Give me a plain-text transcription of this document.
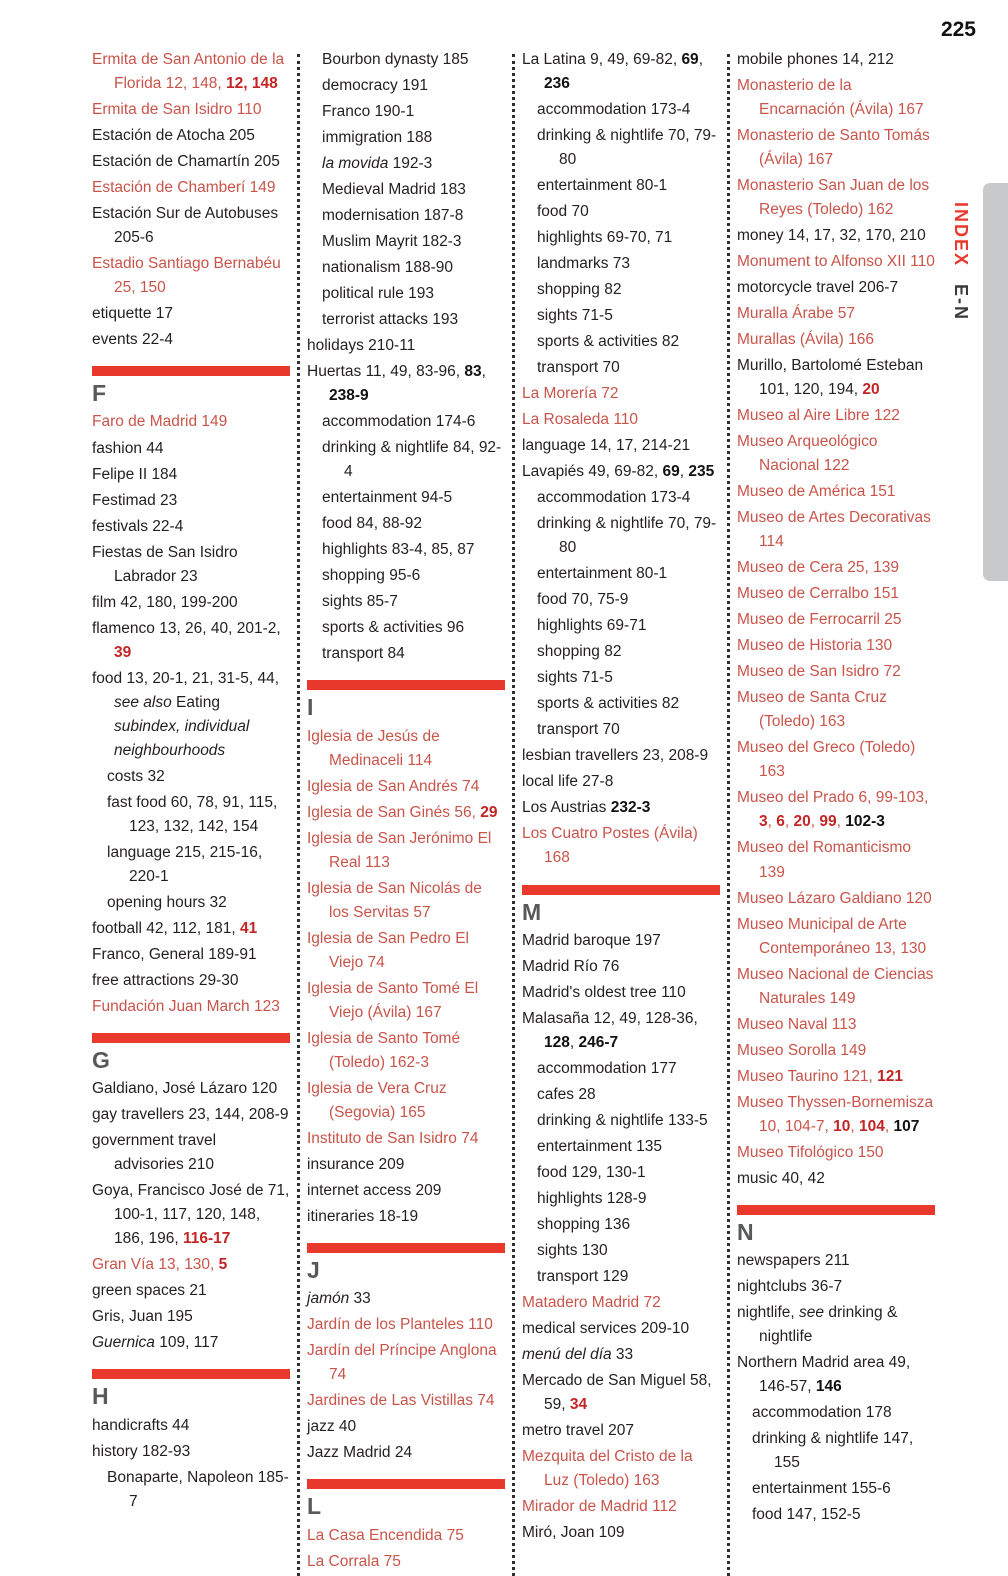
225

Ermita de San Antonio de la Florida 12, 148, 12, 148

Ermita de San Isidro 110

Estación de Atocha 205

Estación de Chamartín 205

Estación de Chamberí 149

Estación Sur de Autobuses 205-6

Estadio Santiago Bernabéu 25, 150

etiquette 17

events 22-4

F

Faro de Madrid 149

fashion 44

Felipe II 184

Festimad 23

festivals 22-4

Fiestas de San Isidro Labrador 23

film 42, 180, 199-200

flamenco 13, 26, 40, 201-2, 39

food 13, 20-1, 21, 31-5, 44, see also Eating subindex, individual neighbourhoods

costs 32

fast food 60, 78, 91, 115, 123, 132, 142, 154

language 215, 215-16, 220-1

opening hours 32

football 42, 112, 181, 41

Franco, General 189-91

free attractions 29-30

Fundación Juan March 123

G

Galdiano, José Lázaro 120

gay travellers 23, 144, 208-9

government travel advisories 210

Goya, Francisco José de 71, 100-1, 117, 120, 148, 186, 196, 116-17

Gran Vía 13, 130, 5

green spaces 21

Gris, Juan 195

Guernica 109, 117

H

handicrafts 44

history 182-93

Bonaparte, Napoleon 185-7

Bourbon dynasty 185

democracy 191

Franco 190-1

immigration 188

la movida 192-3

Medieval Madrid 183

modernisation 187-8

Muslim Mayrit 182-3

nationalism 188-90

political rule 193

terrorist attacks 193

holidays 210-11

Huertas 11, 49, 83-96, 83, 238-9

accommodation 174-6

drinking & nightlife 84, 92-4

entertainment 94-5

food 84, 88-92

highlights 83-4, 85, 87

shopping 95-6

sights 85-7

sports & activities 96

transport 84

I

Iglesia de Jesús de Medinaceli 114

Iglesia de San Andrés 74

Iglesia de San Ginés 56, 29

Iglesia de San Jerónimo El Real 113

Iglesia de San Nicolás de los Servitas 57

Iglesia de San Pedro El Viejo 74

Iglesia de Santo Tomé El Viejo (Ávila) 167

Iglesia de Santo Tomé (Toledo) 162-3

Iglesia de Vera Cruz (Segovia) 165

Instituto de San Isidro 74

insurance 209

internet access 209

itineraries 18-19

J

jamón 33

Jardín de los Planteles 110

Jardín del Príncipe Anglona 74

Jardines de Las Vistillas 74

jazz 40

Jazz Madrid 24

L

La Casa Encendida 75

La Corrala 75

La Latina 9, 49, 69-82, 69, 236

accommodation 173-4

drinking & nightlife 70, 79-80

entertainment 80-1

food 70

highlights 69-70, 71

landmarks 73

shopping 82

sights 71-5

sports & activities 82

transport 70

La Morería 72

La Rosaleda 110

language 14, 17, 214-21

Lavapiés 49, 69-82, 69, 235

accommodation 173-4

drinking & nightlife 70, 79-80

entertainment 80-1

food 70, 75-9

highlights 69-71

shopping 82

sights 71-5

sports & activities 82

transport 70

lesbian travellers 23, 208-9

local life 27-8

Los Austrias 232-3

Los Cuatro Postes (Ávila) 168

M

Madrid baroque 197

Madrid Río 76

Madrid's oldest tree 110

Malasaña 12, 49, 128-36, 128, 246-7

accommodation 177

cafes 28

drinking & nightlife 133-5

entertainment 135

food 129, 130-1

highlights 128-9

shopping 136

sights 130

transport 129

Matadero Madrid 72

medical services 209-10

menú del día 33

Mercado de San Miguel 58, 59, 34

metro travel 207

Mezquita del Cristo de la Luz (Toledo) 163

Mirador de Madrid 112

Miró, Joan 109

mobile phones 14, 212

Monasterio de la Encarnación (Ávila) 167

Monasterio de Santo Tomás (Ávila) 167

Monasterio San Juan de los Reyes (Toledo) 162

money 14, 17, 32, 170, 210

Monument to Alfonso XII 110

motorcycle travel 206-7

Muralla Árabe 57

Murallas (Ávila) 166

Murillo, Bartolomé Esteban 101, 120, 194, 20

Museo al Aire Libre 122

Museo Arqueológico Nacional 122

Museo de América 151

Museo de Artes Decorativas 114

Museo de Cera 25, 139

Museo de Cerralbo 151

Museo de Ferrocarril 25

Museo de Historia 130

Museo de San Isidro 72

Museo de Santa Cruz (Toledo) 163

Museo del Greco (Toledo) 163

Museo del Prado 6, 99-103, 3, 6, 20, 99, 102-3

Museo del Romanticismo 139

Museo Lázaro Galdiano 120

Museo Municipal de Arte Contemporáneo 13, 130

Museo Nacional de Ciencias Naturales 149

Museo Naval 113

Museo Sorolla 149

Museo Taurino 121, 121

Museo Thyssen-Bornemisza 10, 104-7, 10, 104, 107

Museo Tifológico 150

music 40, 42

N

newspapers 211

nightclubs 36-7

nightlife, see drinking & nightlife

Northern Madrid area 49, 146-57, 146

accommodation 178

drinking & nightlife 147, 155

entertainment 155-6

food 147, 152-5

INDEX E-N
